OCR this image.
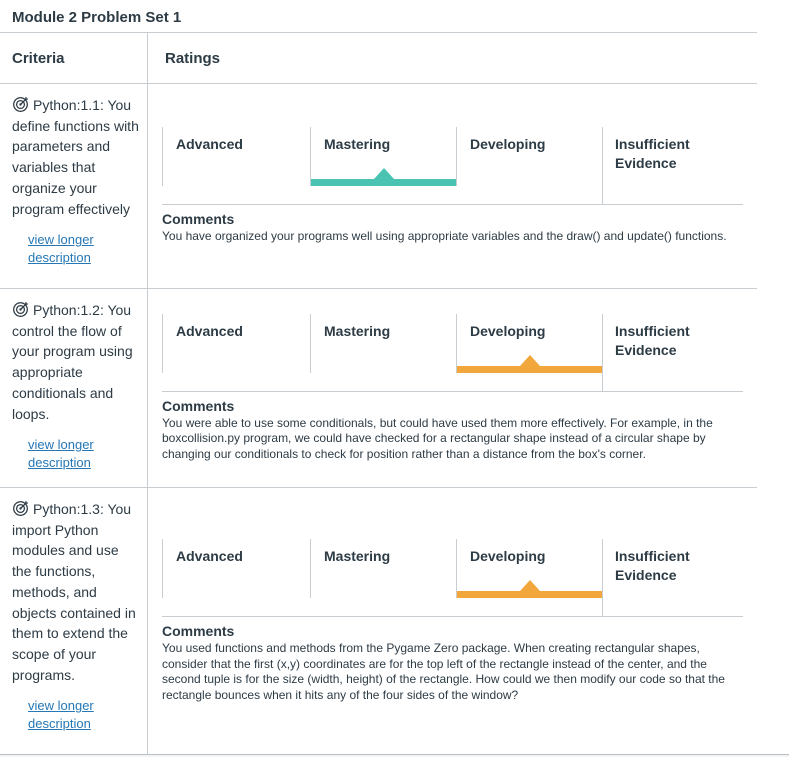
Module 2 Problem Set 1
Criteria	Ratings
Python:1.1: You define functions with parameters and variables that organize your program effectively
view longer description
Advanced	Mastering	Developing	Insufficient Evidence
Comments
You have organized your programs well using appropriate variables and the draw() and update() functions.
Python:1.2: You control the flow of your program using appropriate conditionals and loops.
view longer description
Advanced	Mastering	Developing	Insufficient Evidence
Comments
You were able to use some conditionals, but could have used them more effectively. For example, in the boxcollision.py program, we could have checked for a rectangular shape instead of a circular shape by changing our conditionals to check for position rather than a distance from the box's corner.
Python:1.3: You import Python modules and use the functions, methods, and objects contained in them to extend the scope of your programs.
view longer description
Advanced	Mastering	Developing	Insufficient Evidence
Comments
You used functions and methods from the Pygame Zero package. When creating rectangular shapes, consider that the first (x,y) coordinates are for the top left of the rectangle instead of the center, and the second tuple is for the size (width, height) of the rectangle. How could we then modify our code so that the rectangle bounces when it hits any of the four sides of the window?
